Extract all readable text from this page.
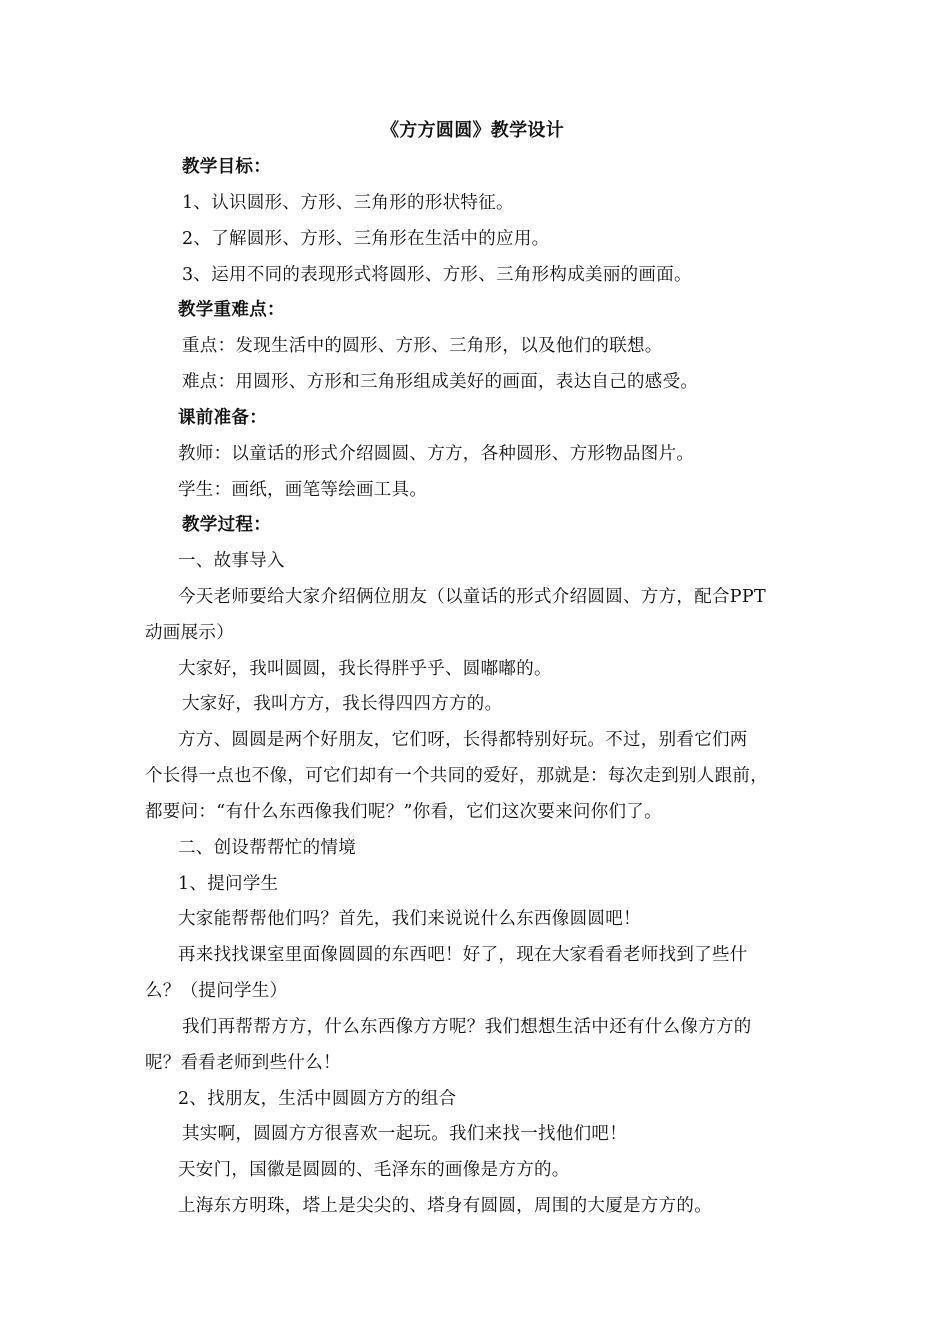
《方方圆圆》教学设计
教学目标：
1、认识圆形、方形、三角形的形状特征。
2、了解圆形、方形、三角形在生活中的应用。
3、运用不同的表现形式将圆形、方形、三角形构成美丽的画面。
教学重难点：
重点：发现生活中的圆形、方形、三角形，以及他们的联想。
难点：用圆形、方形和三角形组成美好的画面，表达自己的感受。
课前准备：
教师：以童话的形式介绍圆圆、方方，各种圆形、方形物品图片。
学生：画纸，画笔等绘画工具。
教学过程：
一、故事导入
今天老师要给大家介绍俩位朋友（以童话的形式介绍圆圆、方方，配合PPT
动画展示）
大家好，我叫圆圆，我长得胖乎乎、圆嘟嘟的。
大家好，我叫方方，我长得四四方方的。
方方、圆圆是两个好朋友，它们呀，长得都特别好玩。不过，别看它们两
个长得一点也不像，可它们却有一个共同的爱好，那就是：每次走到别人跟前，
都要问：“有什么东西像我们呢？”你看，它们这次要来问你们了。
二、创设帮帮忙的情境
1、提问学生
大家能帮帮他们吗？首先，我们来说说什么东西像圆圆吧！
再来找找课室里面像圆圆的东西吧！好了，现在大家看看老师找到了些什
么？（提问学生）
我们再帮帮方方，什么东西像方方呢？我们想想生活中还有什么像方方的
呢？看看老师到些什么！
2、找朋友，生活中圆圆方方的组合
其实啊，圆圆方方很喜欢一起玩。我们来找一找他们吧！
天安门，国徽是圆圆的、毛泽东的画像是方方的。
上海东方明珠，塔上是尖尖的、塔身有圆圆，周围的大厦是方方的。
